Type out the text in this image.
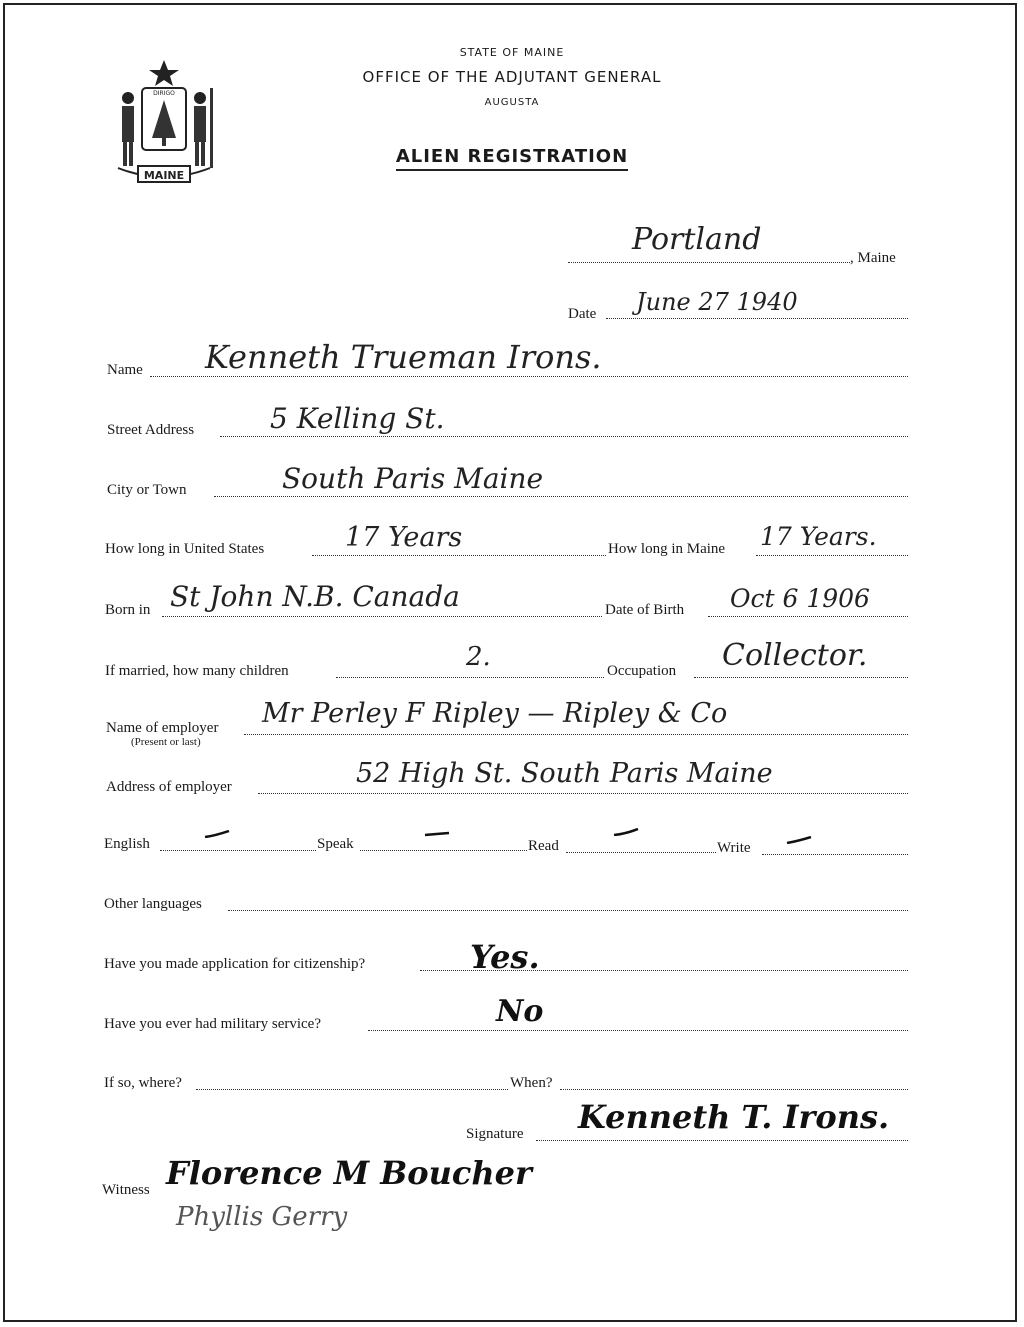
MAINE
DIRIGO
STATE OF MAINE
OFFICE OF THE ADJUTANT GENERAL
AUGUSTA
ALIEN REGISTRATION
Portland
, Maine
Date June 27 1940
Name Kenneth Trueman Irons.
Street Address	5 Kelling St.
City or Town	South Paris Maine
How long in United States	17 Years	How long in Maine 17 Years.
Born in St John N.B. Canada	Date of Birth Oct 6 1906
If married, how many children	2.	Occupation Collector.
Name of employer
(Present or last)
Mr Perley F Ripley — Ripley & Co
Address of employer	52 High St. South Paris Maine
English	Speak	Read	Write
Other languages
Have you made application for citizenship?	Yes.
Have you ever had military service?	No
If so, where?	When?
Signature Kenneth T. Irons.
Witness Florence M Boucher
Phyllis Gerry
